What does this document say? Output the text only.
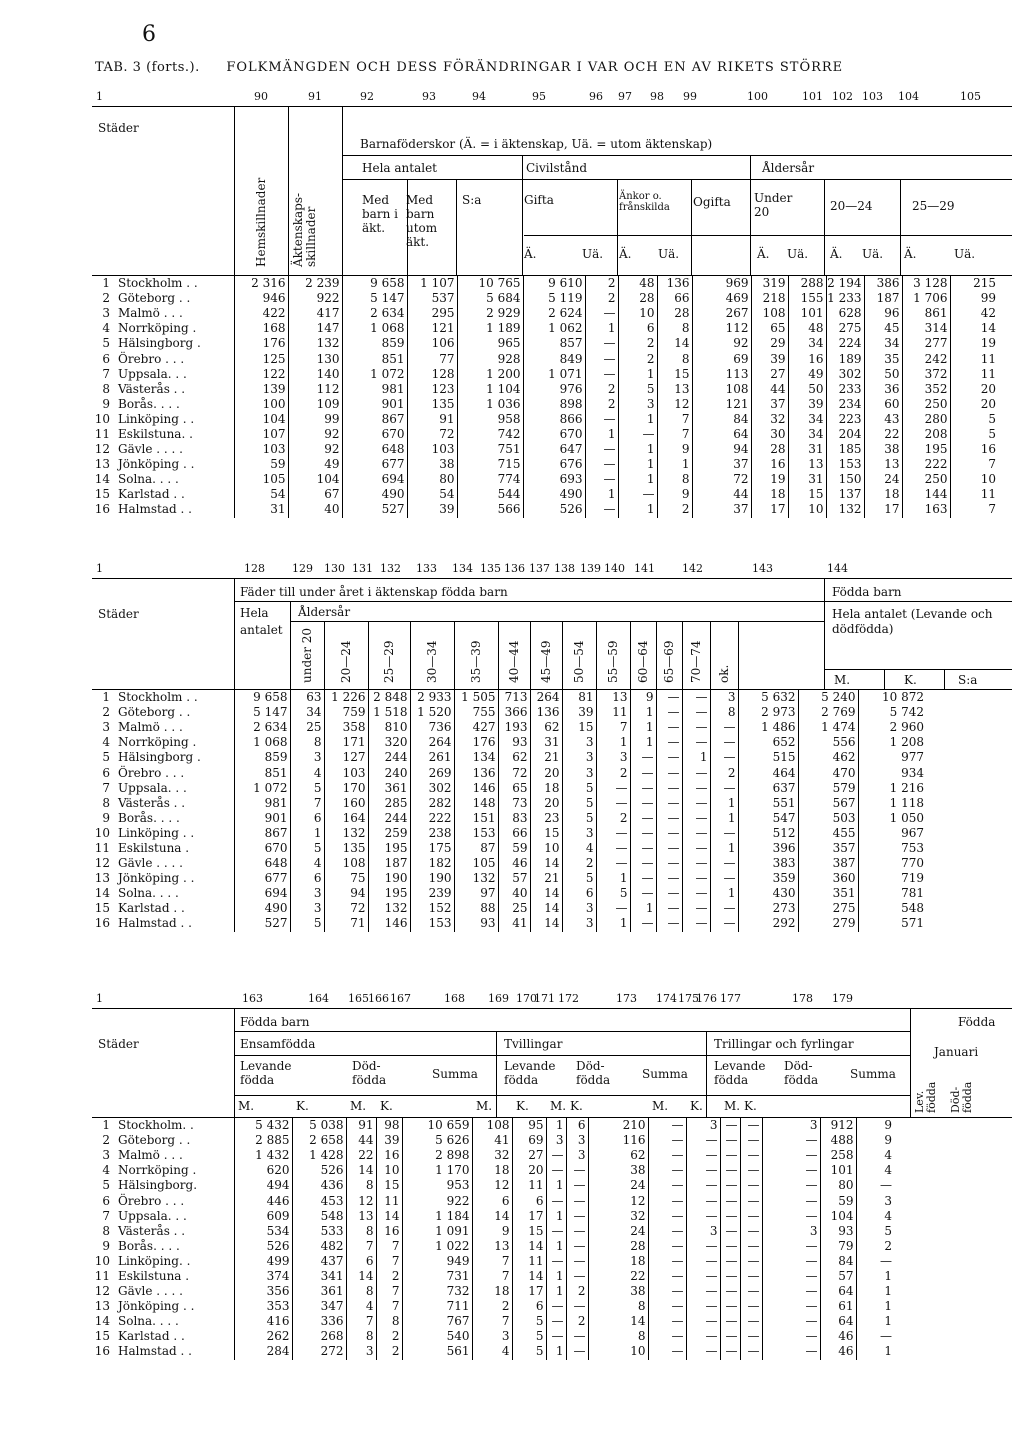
6
TAB. 3 (forts.). FOLKMÄNGDEN OCH DESS FÖRÄNDRINGAR I VAR OCH EN AV RIKETS STÖRRE
1	90	91	92	93	94	95	96 97 98 99	100	101 102 103 104	105
Städer
Hemskillnader Äktenskaps-skillnader
Barnaföderskor (Ä. = i äktenskap, Uä. = utom äktenskap)
Hela antalet	Civilstånd	Åldersår
Med barn i äkt.
Med barn utom äkt.
S:a	Gifta	Änkor o. frånskilda	Ogifta Under 20	20—24	25—29
Ä.	Uä. Ä. Uä.	Ä. Uä. Ä. Uä. Ä.	Uä.
1 Stockholm . .	2 316	2 239	9 658	1 107	10 765	9 610	2	48	136	969	319	288	2 194	386	3 128	215
2 Göteborg . .	946	922	5 147	537	5 684	5 119	2	28	66	469	218	155	1 233	187	1 706	99
3 Malmö . . .	422	417	2 634	295	2 929	2 624	—	10	28	267	108	101	628	96	861	42
4 Norrköping .	168	147	1 068	121	1 189	1 062	1	6	8	112	65	48	275	45	314	14
5 Hälsingborg .	176	132	859	106	965	857	—	2	14	92	29	34	224	34	277	19
6 Örebro . . .	125	130	851	77	928	849	—	2	8	69	39	16	189	35	242	11
7 Uppsala. . .	122	140	1 072	128	1 200	1 071	—	1	15	113	27	49	302	50	372	11
8 Västerås . .	139	112	981	123	1 104	976	2	5	13	108	44	50	233	36	352	20
9 Borås. . . .	100	109	901	135	1 036	898	2	3	12	121	37	39	234	60	250	20
10 Linköping . .	104	99	867	91	958	866	—	1	7	84	32	34	223	43	280	5
11 Eskilstuna. .	107	92	670	72	742	670	1	—	7	64	30	34	204	22	208	5
12 Gävle . . . .	103	92	648	103	751	647	—	1	9	94	28	31	185	38	195	16
13 Jönköping . .	59	49	677	38	715	676	—	1	1	37	16	13	153	13	222	7
14 Solna. . . .	105	104	694	80	774	693	—	1	8	72	19	31	150	24	250	10
15 Karlstad . .	54	67	490	54	544	490	1	—	9	44	18	15	137	18	144	11
16 Halmstad . .	31	40	527	39	566	526	—	1	2	37	17	10	132	17	163	7
1	128 129 130 131 132 133 134 135 136 137 138 139 140 141 142	143	144
Städer
Fäder till under året i äktenskap födda barn
Hela antalet
Åldersår
under 20 20—24 25—29 30—34	35—39 40—44 45—49 50—54 55—59 60—64 65—69 70—74 ok.
Födda barn
Hela antalet (Levande och dödfödda)
M.	K.	S:a
1 Stockholm . .	9 658	63	1 226	2 848	2 933	1 505	713	264	81	13	9	—	—	3	5 632	5 240	10 872
2 Göteborg . .	5 147	34	759	1 518	1 520	755	366	136	39	11	1	—	—	8	2 973	2 769	5 742
3 Malmö . . .	2 634	25	358	810	736	427	193	62	15	7	1	—	—	—	1 486	1 474	2 960
4 Norrköping .	1 068	8	171	320	264	176	93	31	3	1	1	—	—	—	652	556	1 208
5 Hälsingborg .	859	3	127	244	261	134	62	21	3	3	—	—	1	—	515	462	977
6 Örebro . . .	851	4	103	240	269	136	72	20	3	2	—	—	—	2	464	470	934
7 Uppsala. . .	1 072	5	170	361	302	146	65	18	5	—	—	—	—	—	637	579	1 216
8 Västerås . .	981	7	160	285	282	148	73	20	5	—	—	—	—	1	551	567	1 118
9 Borås. . . .	901	6	164	244	222	151	83	23	5	2	—	—	—	1	547	503	1 050
10 Linköping . .	867	1	132	259	238	153	66	15	3	—	—	—	—	—	512	455	967
11 Eskilstuna .	670	5	135	195	175	87	59	10	4	—	—	—	—	1	396	357	753
12 Gävle . . . .	648	4	108	187	182	105	46	14	2	—	—	—	—	—	383	387	770
13 Jönköping . .	677	6	75	190	190	132	57	21	5	1	—	—	—	—	359	360	719
14 Solna. . . .	694	3	94	195	239	97	40	14	6	5	—	—	—	1	430	351	781
15 Karlstad . .	490	3	72	132	152	88	25	14	3	—	1	—	—	—	273	275	548
16 Halmstad . .	527	5	71	146	153	93	41	14	3	1	—	—	—	—	292	279	571
1	163	164 165 166 167	168 169 170
171 172	173 174 175
176 177	178 179
Städer
Födda barn	Födda
Ensamfödda	Tvillingar	Trillingar och fyrlingar
Januari
Levande födda
Död-födda	Summa
Levande födda
Död-födda	Summa
Levande födda
Död-födda	Summa
Lev. födda Död-födda
M.	K.	M. K.	M. K. M. K.	M. K. M. K.
1 Stockholm. .	5 432	5 038	91	98	10 659	108	95	1	6	210	—	3	—	—	3	912	9
2 Göteborg . .	2 885	2 658	44	39	5 626	41	69	3	3	116	—	—	—	—	—	488	9
3 Malmö . . .	1 432	1 428	22	16	2 898	32	27	—	3	62	—	—	—	—	—	258	4
4 Norrköping .	620	526	14	10	1 170	18	20	—	—	38	—	—	—	—	—	101	4
5 Hälsingborg.	494	436	8	15	953	12	11	1	—	24	—	—	—	—	—	80	—
6 Örebro . . .	446	453	12	11	922	6	6	—	—	12	—	—	—	—	—	59	3
7 Uppsala. . .	609	548	13	14	1 184	14	17	1	—	32	—	—	—	—	—	104	4
8 Västerås . .	534	533	8	16	1 091	9	15	—	—	24	—	3	—	—	3	93	5
9 Borås. . . .	526	482	7	7	1 022	13	14	1	—	28	—	—	—	—	—	79	2
10 Linköping. .	499	437	6	7	949	7	11	—	—	18	—	—	—	—	—	84	—
11 Eskilstuna .	374	341	14	2	731	7	14	1	—	22	—	—	—	—	—	57	1
12 Gävle . . . .	356	361	8	7	732	18	17	1	2	38	—	—	—	—	—	64	1
13 Jönköping . .	353	347	4	7	711	2	6	—	—	8	—	—	—	—	—	61	1
14 Solna. . . .	416	336	7	8	767	7	5	—	2	14	—	—	—	—	—	64	1
15 Karlstad . .	262	268	8	2	540	3	5	—	—	8	—	—	—	—	—	46	—
16 Halmstad . .	284	272	3	2	561	4	5	1	—	10	—	—	—	—	—	46	1
